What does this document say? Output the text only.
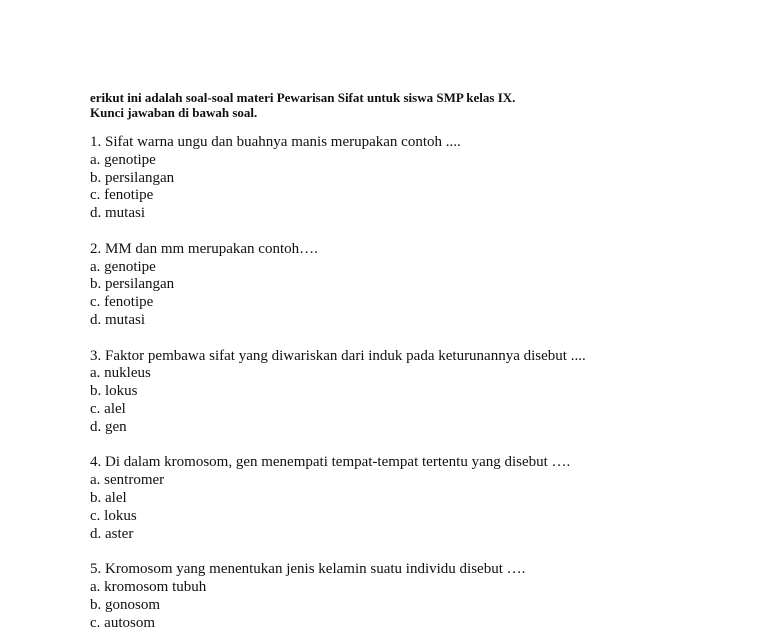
erikut ini adalah soal-soal materi Pewarisan Sifat untuk siswa SMP kelas IX.
Kunci jawaban di bawah soal.
1. Sifat warna ungu dan buahnya manis merupakan contoh ....
a. genotipe
b. persilangan
c. fenotipe
d. mutasi
2. MM dan mm merupakan contoh….
a. genotipe
b. persilangan
c. fenotipe
d. mutasi
3. Faktor pembawa sifat yang diwariskan dari induk pada keturunannya disebut ....
a. nukleus
b. lokus
c. alel
d. gen
4. Di dalam kromosom, gen menempati tempat-tempat tertentu yang disebut ….
a. sentromer
b. alel
c. lokus
d. aster
5. Kromosom yang menentukan jenis kelamin suatu individu disebut ….
a. kromosom tubuh
b. gonosom
c. autosom
